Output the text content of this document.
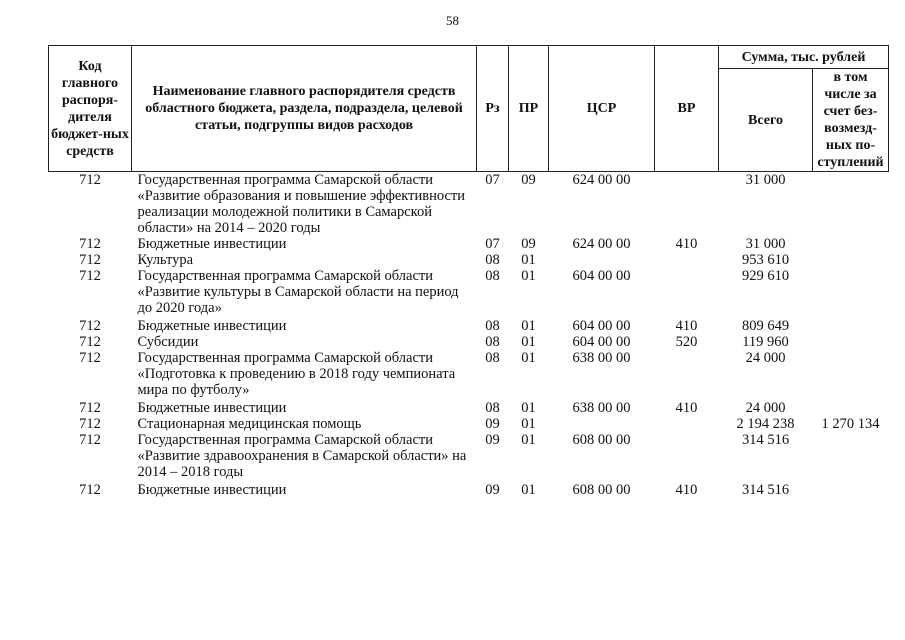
58
Код главного распоря-дителя бюджет-ных средств	Наименование главного распорядителя средств областного бюджета, раздела, подраздела, целевой статьи, подгруппы видов расходов	Рз	ПР	ЦСР	ВР	Сумма, тыс. рублей	
						Всего	в том числе за счет без-возмезд-ных по-ступлений
712	Государственная программа Самарской области «Развитие образования и повышение эффективности реализации молодежной политики в Самарской области» на 2014 – 2020 годы	07	09	624 00 00		31 000	
712	Бюджетные инвестиции	07	09	624 00 00	410	31 000	
712	Культура	08	01			953 610	
712	Государственная программа Самарской области «Развитие культуры в Самарской области на период до 2020 года»	08	01	604 00 00		929 610	
712	Бюджетные инвестиции	08	01	604 00 00	410	809 649	
712	Субсидии	08	01	604 00 00	520	119 960	
712	Государственная программа Самарской области «Подготовка к проведению в 2018 году чемпионата мира по футболу»	08	01	638 00 00		24 000	
712	Бюджетные инвестиции	08	01	638 00 00	410	24 000	
712	Стационарная медицинская помощь	09	01			2 194 238	1 270 134
712	Государственная программа Самарской области «Развитие здравоохранения в Самарской области» на 2014 – 2018 годы	09	01	608 00 00		314 516	
712	Бюджетные инвестиции	09	01	608 00 00	410	314 516	
